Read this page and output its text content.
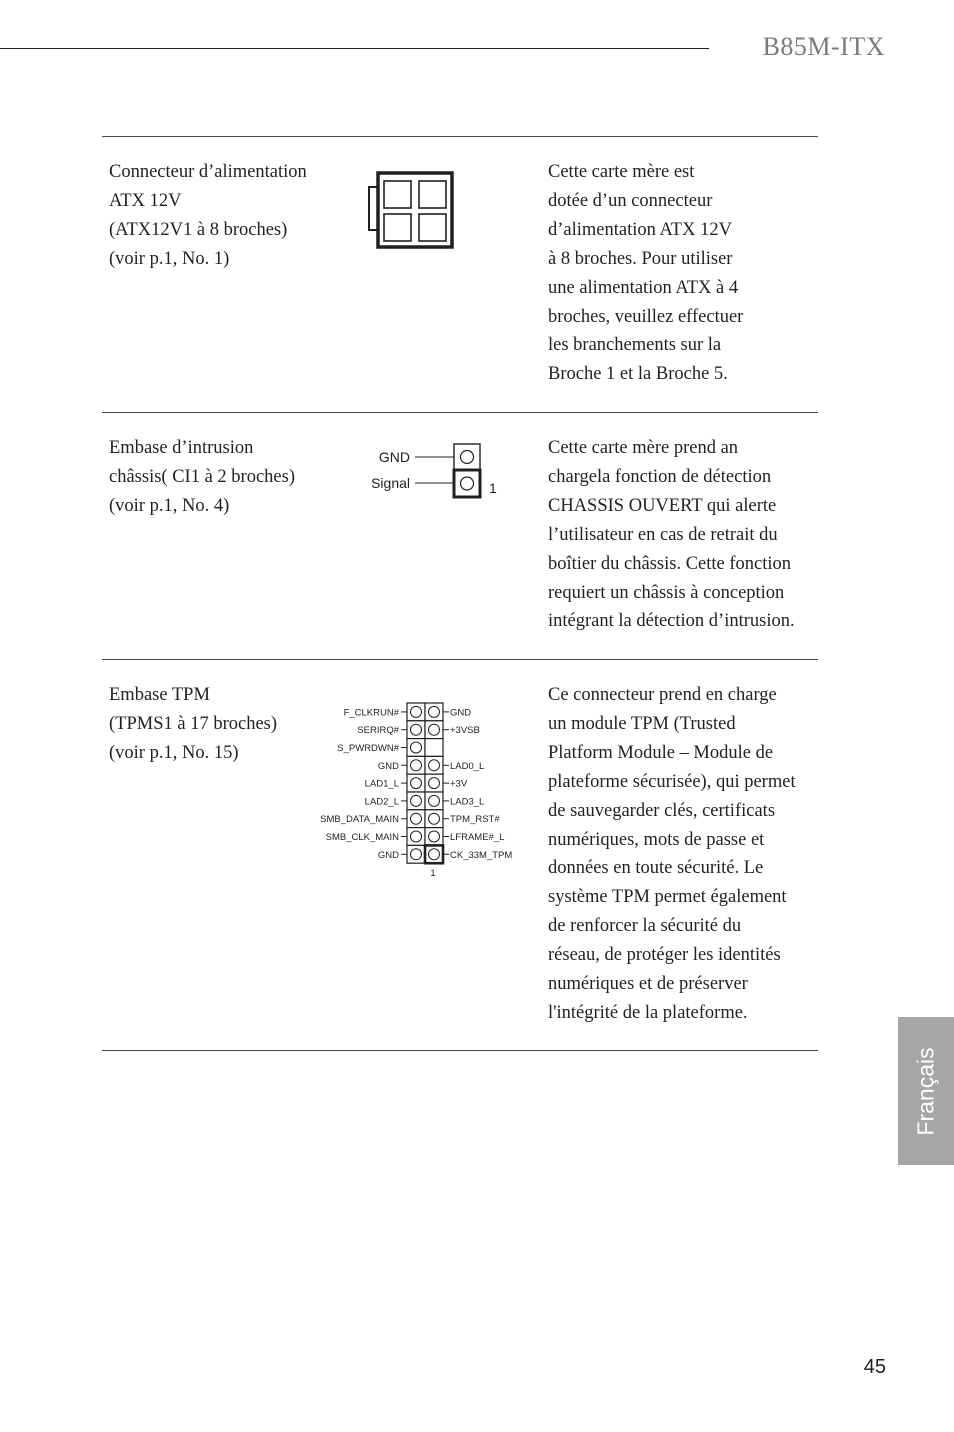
B85M-ITX
Connecteur d’alimentation
ATX 12V
(ATX12V1 à 8 broches)
(voir p.1, No. 1)
Cette carte mère est
dotée d’un connecteur
d’alimentation ATX 12V
à 8 broches. Pour utiliser
une alimentation ATX à 4
broches, veuillez effectuer
les branchements sur la
Broche 1 et la Broche 5.
Embase d’intrusion
châssis( CI1 à 2 broches)
(voir p.1, No. 4)
GND
Signal	1
Cette carte mère prend an
chargela fonction de détection
CHASSIS OUVERT qui alerte
l’utilisateur en cas de retrait du
boîtier du châssis. Cette fonction
requiert un châssis à conception
intégrant la détection d’intrusion.
Embase TPM
(TPMS1 à 17 broches)
(voir p.1, No. 15)
F_CLKRUN#	GND
SERIRQ#	+3VSB
S_PWRDWN#
GND	LAD0_L
LAD1_L	+3V
LAD2_L	LAD3_L
SMB_DATA_MAIN	TPM_RST#
SMB_CLK_MAIN	LFRAME#_L
GND	CK_33M_TPM
1
Ce connecteur prend en charge
un module TPM (Trusted
Platform Module – Module de
plateforme sécurisée), qui permet
de sauvegarder clés, certificats
numériques, mots de passe et
données en toute sécurité. Le
système TPM permet également
de renforcer la sécurité du
réseau, de protéger les identités
numériques et de préserver
l'intégrité de la plateforme.
Français
45
